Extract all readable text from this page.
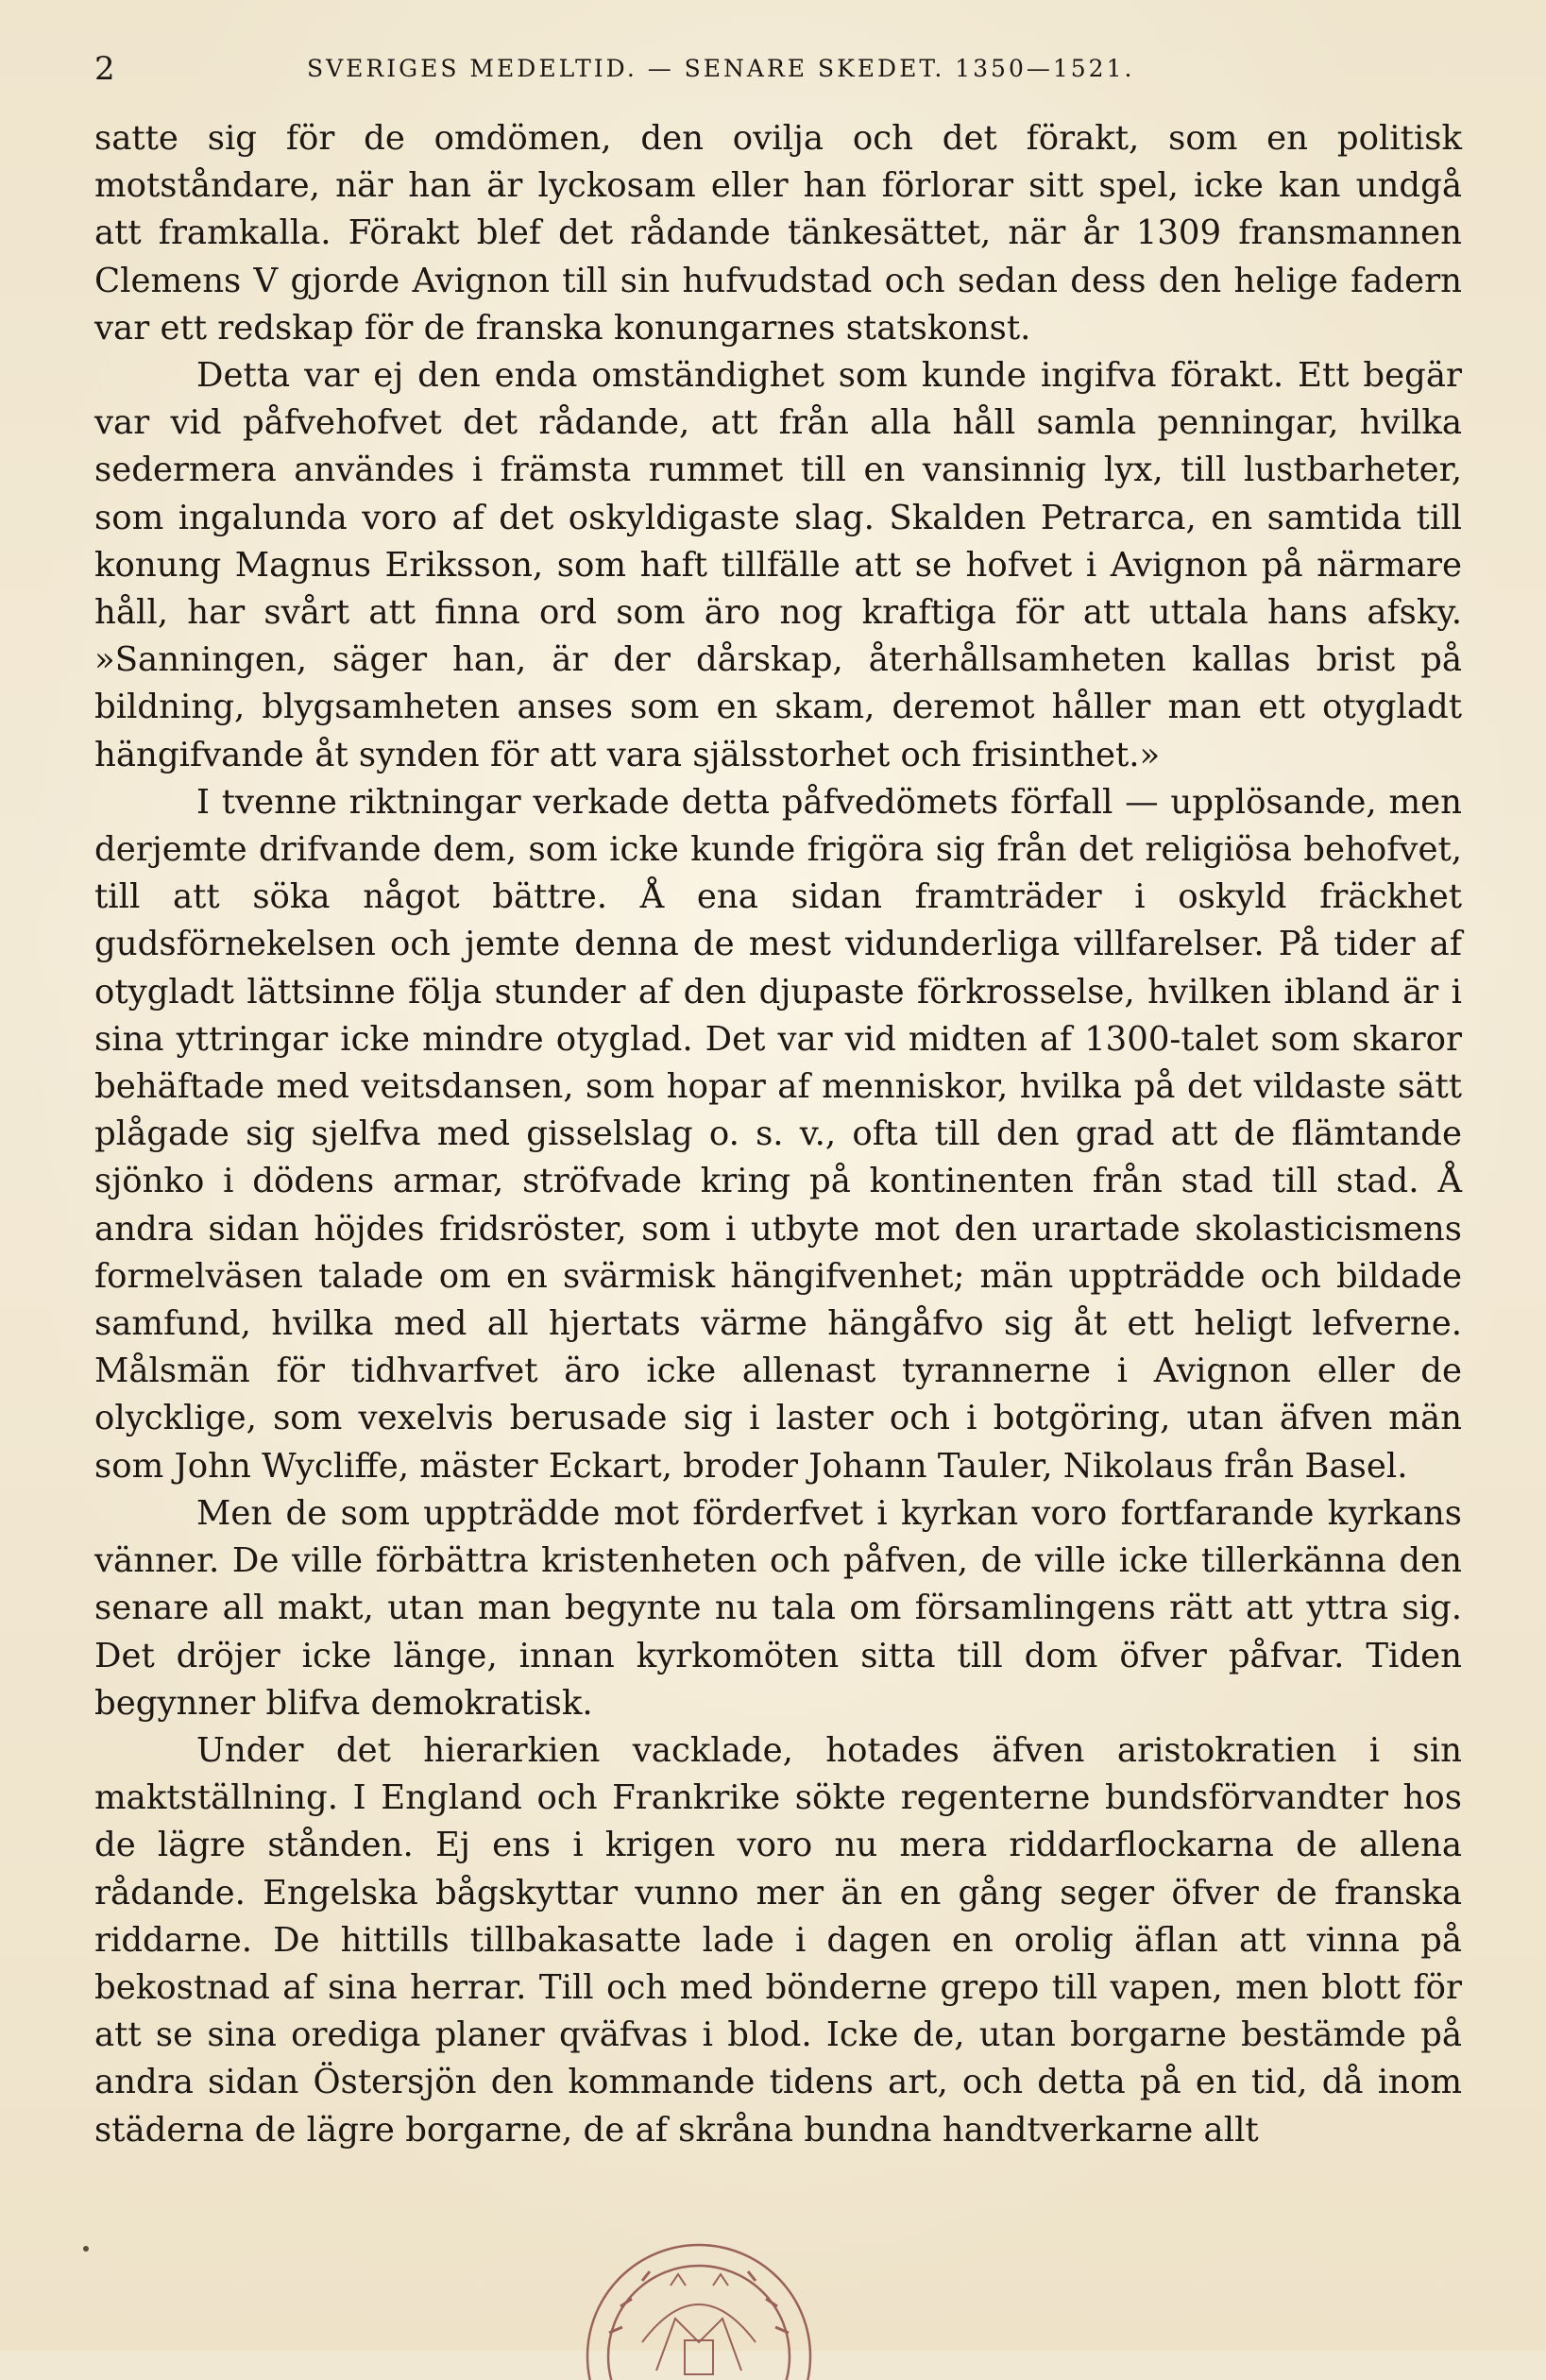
2	SVERIGES MEDELTID. — SENARE SKEDET. 1350—1521.

satte sig för de omdömen, den ovilja och det förakt, som en politisk motståndare, när han är lyckosam eller han förlorar sitt spel, icke kan undgå att framkalla. Förakt blef det rådande tänkesättet, när år 1309 fransmannen Clemens V gjorde Avignon till sin hufvudstad och sedan dess den helige fadern var ett redskap för de franska konungarnes statskonst.

Detta var ej den enda omständighet som kunde ingifva förakt. Ett begär var vid påfvehofvet det rådande, att från alla håll samla penningar, hvilka sedermera användes i främsta rummet till en vansinnig lyx, till lustbarheter, som ingalunda voro af det oskyldigaste slag. Skalden Petrarca, en samtida till konung Magnus Eriksson, som haft tillfälle att se hofvet i Avignon på närmare håll, har svårt att finna ord som äro nog kraftiga för att uttala hans afsky. »Sanningen, säger han, är der dårskap, återhållsamheten kallas brist på bildning, blygsamheten anses som en skam, deremot håller man ett otygladt hängifvande åt synden för att vara själsstorhet och frisinthet.»

I tvenne riktningar verkade detta påfvedömets förfall — upplösande, men derjemte drifvande dem, som icke kunde frigöra sig från det religiösa behofvet, till att söka något bättre. Å ena sidan framträder i oskyld fräckhet gudsförnekelsen och jemte denna de mest vidunderliga villfarelser. På tider af otygladt lättsinne följa stunder af den djupaste förkrosselse, hvilken ibland är i sina yttringar icke mindre otyglad. Det var vid midten af 1300-talet som skaror behäftade med veitsdansen, som hopar af menniskor, hvilka på det vildaste sätt plågade sig sjelfva med gisselslag o. s. v., ofta till den grad att de flämtande sjönko i dödens armar, ströfvade kring på kontinenten från stad till stad. Å andra sidan höjdes fridsröster, som i utbyte mot den urartade skolasticismens formelväsen talade om en svärmisk hängifvenhet; män uppträdde och bildade samfund, hvilka med all hjertats värme hängåfvo sig åt ett heligt lefverne. Målsmän för tidhvarfvet äro icke allenast tyrannerne i Avignon eller de olycklige, som vexelvis berusade sig i laster och i botgöring, utan äfven män som John Wycliffe, mäster Eckart, broder Johann Tauler, Nikolaus från Basel.

Men de som uppträdde mot förderfvet i kyrkan voro fortfarande kyrkans vänner. De ville förbättra kristenheten och påfven, de ville icke tillerkänna den senare all makt, utan man begynte nu tala om församlingens rätt att yttra sig. Det dröjer icke länge, innan kyrkomöten sitta till dom öfver påfvar. Tiden begynner blifva demokratisk.

Under det hierarkien vacklade, hotades äfven aristokratien i sin maktställning. I England och Frankrike sökte regenterne bundsförvandter hos de lägre stånden. Ej ens i krigen voro nu mera riddarflockarna de allena rådande. Engelska bågskyttar vunno mer än en gång seger öfver de franska riddarne. De hittills tillbakasatte lade i dagen en orolig äflan att vinna på bekostnad af sina herrar. Till och med bönderne grepo till vapen, men blott för att se sina orediga planer qväfvas i blod. Icke de, utan borgarne bestämde på andra sidan Östersjön den kommande tidens art, och detta på en tid, då inom städerna de lägre borgarne, de af skråna bundna handtverkarne allt
